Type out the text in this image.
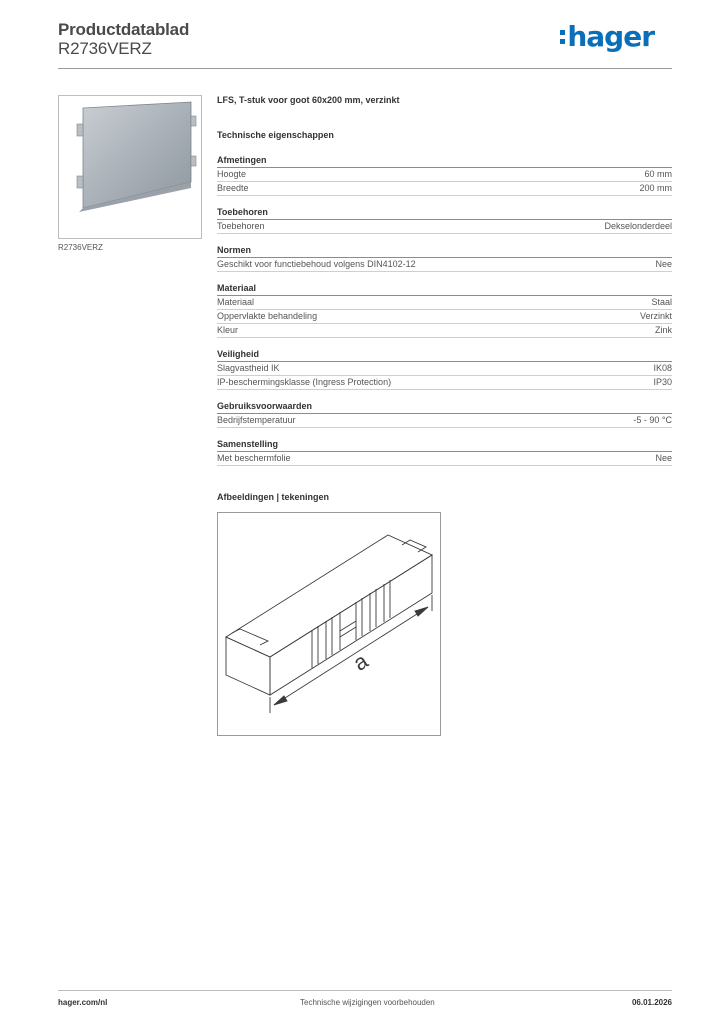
Productdatablad
R2736VERZ	hager
R2736VERZ
LFS, T-stuk voor goot 60x200 mm, verzinkt
Technische eigenschappen
Afmetingen
Hoogte	60 mm
Breedte	200 mm
Toebehoren
Toebehoren	Dekselonderdeel
Normen
Geschikt voor functiebehoud volgens DIN4102-12	Nee
Materiaal
Materiaal	Staal
Oppervlakte behandeling	Verzinkt
Kleur	Zink
Veiligheid
Slagvastheid IK	IK08
IP-beschermingsklasse (Ingress Protection)	IP30
Gebruiksvoorwaarden
Bedrijfstemperatuur	-5 - 90 °C
Samenstelling
Met beschermfolie	Nee
Afbeeldingen | tekeningen
a
hager.com/nl	Technische wijzigingen voorbehouden	06.01.2026
